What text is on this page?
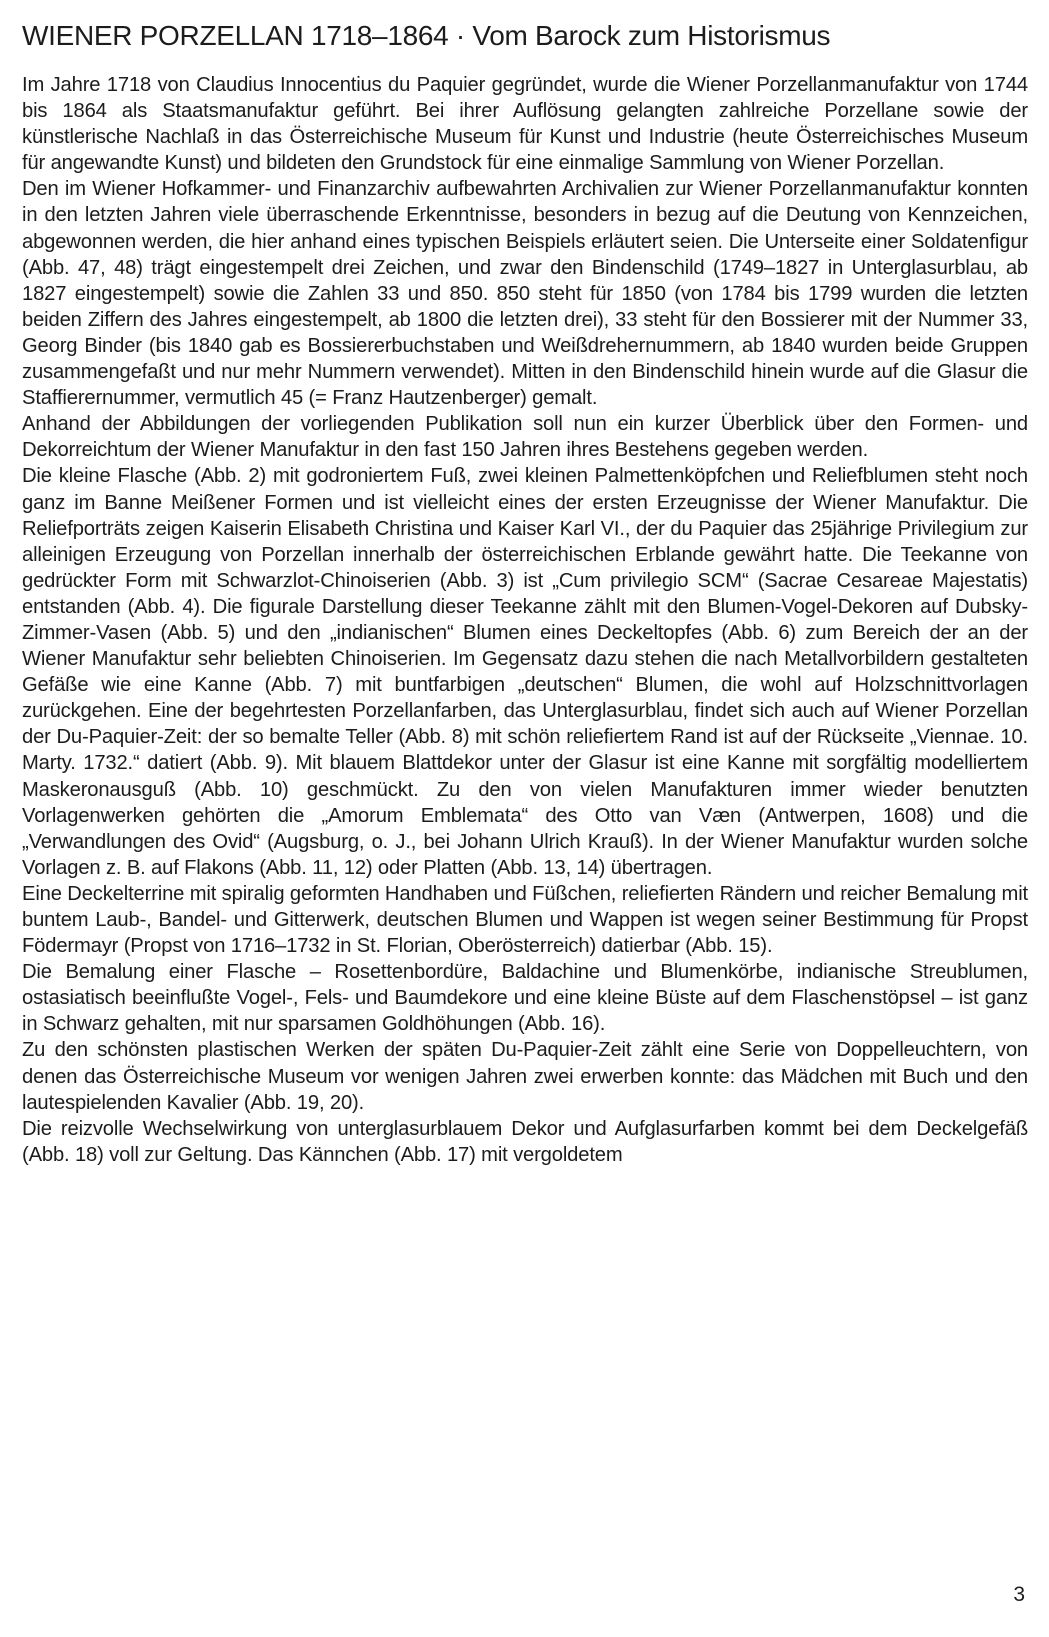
WIENER PORZELLAN 1718–1864 · Vom Barock zum Historismus

Im Jahre 1718 von Claudius Innocentius du Paquier gegründet, wurde die Wiener Porzellanmanufaktur von 1744 bis 1864 als Staatsmanufaktur geführt. Bei ihrer Auflösung gelangten zahlreiche Porzellane sowie der künstlerische Nachlaß in das Österreichische Museum für Kunst und Industrie (heute Österreichisches Museum für angewandte Kunst) und bildeten den Grundstock für eine einmalige Sammlung von Wiener Porzellan.

Den im Wiener Hofkammer- und Finanzarchiv aufbewahrten Archivalien zur Wiener Porzellanmanufaktur konnten in den letzten Jahren viele überraschende Erkenntnisse, besonders in bezug auf die Deutung von Kennzeichen, abgewonnen werden, die hier anhand eines typischen Beispiels erläutert seien. Die Unterseite einer Soldatenfigur (Abb. 47, 48) trägt eingestempelt drei Zeichen, und zwar den Bindenschild (1749–1827 in Unterglasurblau, ab 1827 eingestempelt) sowie die Zahlen 33 und 850. 850 steht für 1850 (von 1784 bis 1799 wurden die letzten beiden Ziffern des Jahres eingestempelt, ab 1800 die letzten drei), 33 steht für den Bossierer mit der Nummer 33, Georg Binder (bis 1840 gab es Bossiererbuchstaben und Weißdrehernummern, ab 1840 wurden beide Gruppen zusammengefaßt und nur mehr Nummern verwendet). Mitten in den Bindenschild hinein wurde auf die Glasur die Staffierernummer, vermutlich 45 (= Franz Hautzenberger) gemalt.

Anhand der Abbildungen der vorliegenden Publikation soll nun ein kurzer Überblick über den Formen- und Dekorreichtum der Wiener Manufaktur in den fast 150 Jahren ihres Bestehens gegeben werden.

Die kleine Flasche (Abb. 2) mit godroniertem Fuß, zwei kleinen Palmettenköpfchen und Reliefblumen steht noch ganz im Banne Meißener Formen und ist vielleicht eines der ersten Erzeugnisse der Wiener Manufaktur. Die Reliefporträts zeigen Kaiserin Elisabeth Christina und Kaiser Karl VI., der du Paquier das 25jährige Privilegium zur alleinigen Erzeugung von Porzellan innerhalb der österreichischen Erblande gewährt hatte. Die Teekanne von gedrückter Form mit Schwarzlot-Chinoiserien (Abb. 3) ist „Cum privilegio SCM“ (Sacrae Cesareae Majestatis) entstanden (Abb. 4). Die figurale Darstellung dieser Teekanne zählt mit den Blumen-Vogel-Dekoren auf Dubsky-Zimmer-Vasen (Abb. 5) und den „indianischen“ Blumen eines Deckeltopfes (Abb. 6) zum Bereich der an der Wiener Manufaktur sehr beliebten Chinoiserien. Im Gegensatz dazu stehen die nach Metallvorbildern gestalteten Gefäße wie eine Kanne (Abb. 7) mit buntfarbigen „deutschen“ Blumen, die wohl auf Holzschnittvorlagen zurückgehen. Eine der begehrtesten Porzellanfarben, das Unterglasurblau, findet sich auch auf Wiener Porzellan der Du-Paquier-Zeit: der so bemalte Teller (Abb. 8) mit schön reliefiertem Rand ist auf der Rückseite „Viennae. 10. Marty. 1732.“ datiert (Abb. 9). Mit blauem Blattdekor unter der Glasur ist eine Kanne mit sorgfältig modelliertem Maskeronausguß (Abb. 10) geschmückt. Zu den von vielen Manufakturen immer wieder benutzten Vorlagenwerken gehörten die „Amorum Emblemata“ des Otto van Væn (Antwerpen, 1608) und die „Verwandlungen des Ovid“ (Augsburg, o. J., bei Johann Ulrich Krauß). In der Wiener Manufaktur wurden solche Vorlagen z. B. auf Flakons (Abb. 11, 12) oder Platten (Abb. 13, 14) übertragen.

Eine Deckelterrine mit spiralig geformten Handhaben und Füßchen, reliefierten Rändern und reicher Bemalung mit buntem Laub-, Bandel- und Gitterwerk, deutschen Blumen und Wappen ist wegen seiner Bestimmung für Propst Födermayr (Propst von 1716–1732 in St. Florian, Oberösterreich) datierbar (Abb. 15).

Die Bemalung einer Flasche – Rosettenbordüre, Baldachine und Blumenkörbe, indianische Streublumen, ostasiatisch beeinflußte Vogel-, Fels- und Baumdekore und eine kleine Büste auf dem Flaschenstöpsel – ist ganz in Schwarz gehalten, mit nur sparsamen Goldhöhungen (Abb. 16).

Zu den schönsten plastischen Werken der späten Du-Paquier-Zeit zählt eine Serie von Doppelleuchtern, von denen das Österreichische Museum vor wenigen Jahren zwei erwerben konnte: das Mädchen mit Buch und den lautespielenden Kavalier (Abb. 19, 20).

Die reizvolle Wechselwirkung von unterglasurblauem Dekor und Aufglasurfarben kommt bei dem Deckelgefäß (Abb. 18) voll zur Geltung. Das Kännchen (Abb. 17) mit vergoldetem

3
